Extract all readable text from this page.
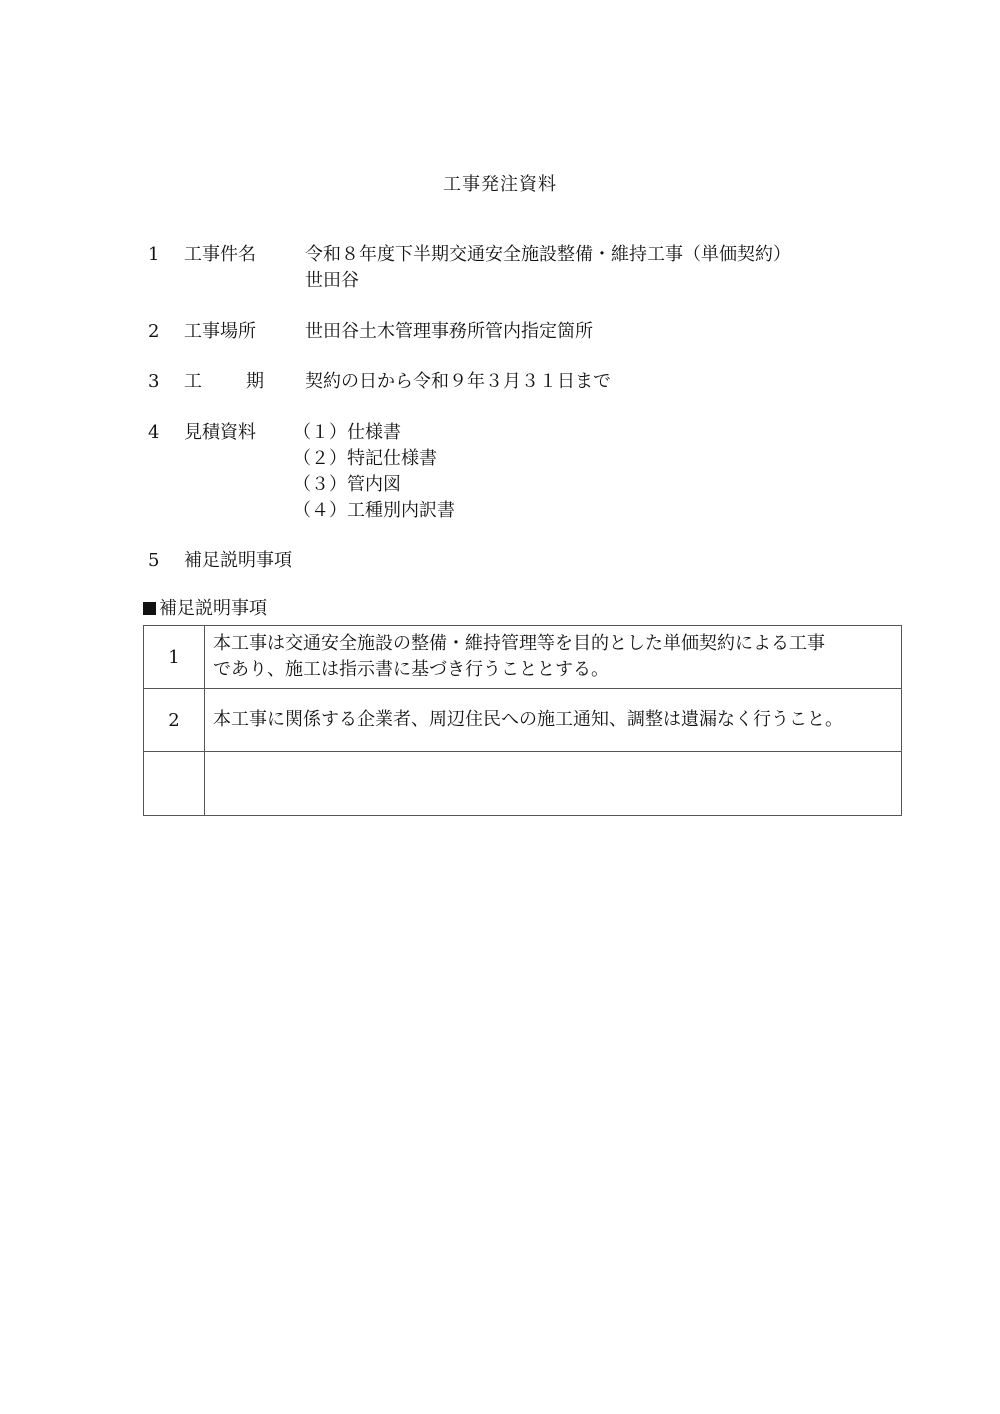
工事発注資料
1 工事件名	令和８年度下半期交通安全施設整備・維持工事（単価契約）
世田谷
2 工事場所	世田谷土木管理事務所管内指定箇所
3 工 期 契約の日から令和９年３月３１日まで
4 見積資料 （１）仕様書
（２）特記仕様書
（３）管内図
（４）工種別内訳書
5 補足説明事項
補足説明事項
1	本工事は交通安全施設の整備・維持管理等を目的とした単価契約による工事
であり、施工は指示書に基づき行うこととする。

2	本工事に関係する企業者、周辺住民への施工通知、調整は遺漏なく行うこと。
